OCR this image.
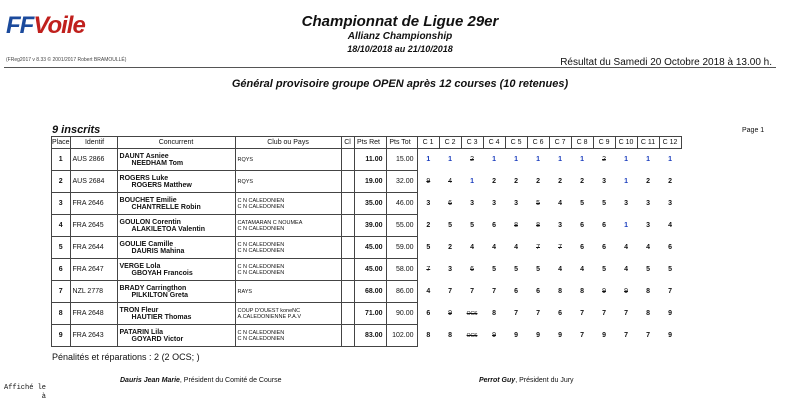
FFVoile
(FReg2017 v 8.33 © 2001/2017 Robert BRAMOULLÉ)
Championnat de Ligue 29er
Allianz Championship
18/10/2018 au 21/10/2018
Résultat du Samedi 20 Octobre 2018 à 13.00 h.
Général provisoire groupe OPEN après 12 courses (10 retenues)
9 inscrits	Page 1
Place	Identif	Concurrent	Club ou Pays	Cl	Pts Ret	Pts Tot	C 1	C 2	C 3	C 4	C 5	C 6	C 7	C 8	C 9	C 10	C 11	C 12
1	AUS 2866	DAUNT Asniee
NEEDHAM Tom	RQYS		11.00	15.00	1	1	2	1	1	1	1	1	2	1	1	1
2	AUS 2684	ROGERS Luke
ROGERS Matthew	RQYS		19.00	32.00	9	4	1	2	2	2	2	2	3	1	2	2
3	FRA 2646	BOUCHET Emilie
CHANTRELLE Robin	C N CALEDONIEN
C N CALEDONIEN		35.00	46.00	3	6	3	3	3	5	4	5	5	3	3	3
4	FRA 2645	GOULON Corentin
ALAKILETOA Valentin	CATAMARAN C NOUMEA
C N CALEDONIEN		39.00	55.00	2	5	5	6	8	8	3	6	6	1	3	4
5	FRA 2644	GOULIE Camille
DAURIS Mahina	C N CALEDONIEN
C N CALEDONIEN		45.00	59.00	5	2	4	4	4	7	7	6	6	4	4	6
6	FRA 2647	VERGE Lola
GBOYAH Francois	C N CALEDONIEN
C N CALEDONIEN		45.00	58.00	7	3	6	5	5	5	4	4	5	4	5	5
7	NZL 2778	BRADY Carringthon
PILKILTON Greta	RAYS		68.00	86.00	4	7	7	7	6	6	8	8	9	9	8	7
8	FRA 2648	TRON Fleur
HAUTIER Thomas	COUP D'OUEST koneNC
A.CALEDONIENNE P.A.V		71.00	90.00	6	9	OCS	8	7	7	6	7	7	7	8	9
9	FRA 2643	PATARIN Lila
GOYARD Victor	C N CALEDONIEN
C N CALEDONIEN		83.00	102.00	8	8	OCS	9	9	9	9	7	9	7	7	9
Pénalités et réparations : 2 (2 OCS; )
Dauris Jean Marie, Président du Comité de Course	Perrot Guy, Président du Jury
Affiché le
à
